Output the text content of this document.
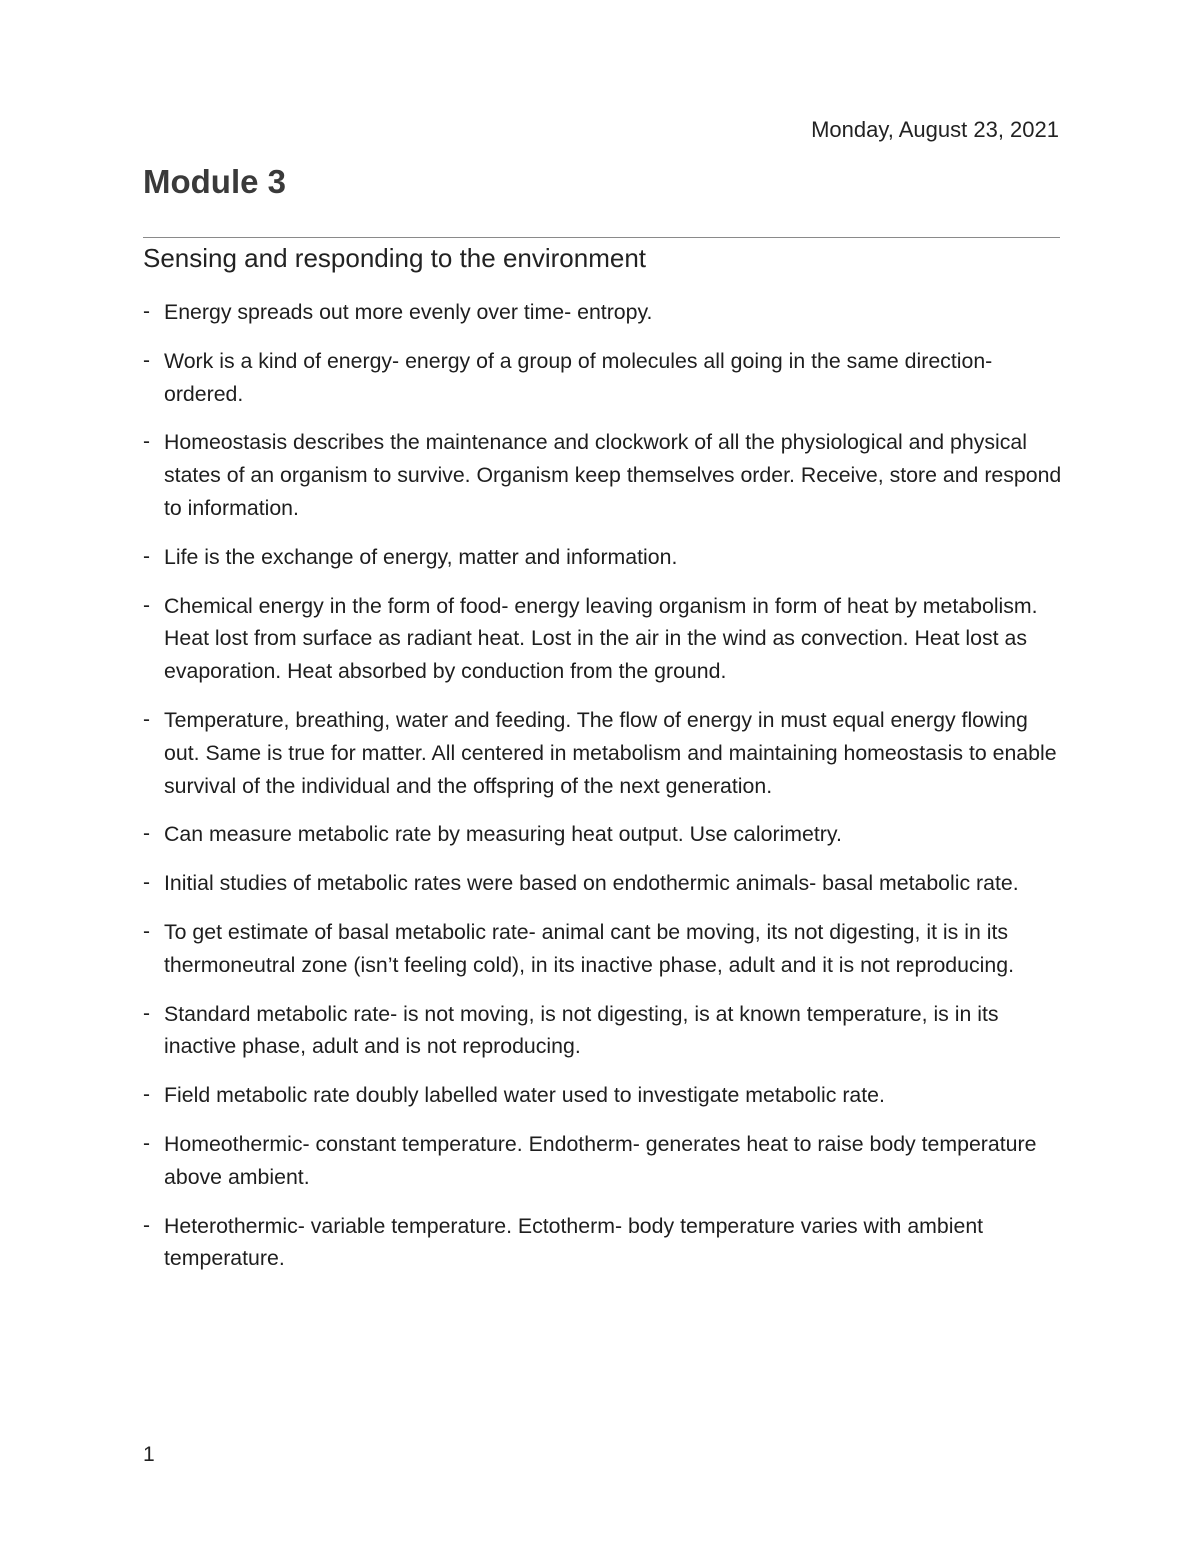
Monday, August 23, 2021
Module 3
Sensing and responding to the environment
- Energy spreads out more evenly over time- entropy.
- Work is a kind of energy- energy of a group of molecules all going in the same direction- ordered.
- Homeostasis describes the maintenance and clockwork of all the physiological and physical states of an organism to survive. Organism keep themselves order. Receive, store and respond to information.
- Life is the exchange of energy, matter and information.
- Chemical energy in the form of food- energy leaving organism in form of heat by metabolism. Heat lost from surface as radiant heat. Lost in the air in the wind as convection. Heat lost as evaporation. Heat absorbed by conduction from the ground.
- Temperature, breathing, water and feeding. The flow of energy in must equal energy flowing out. Same is true for matter. All centered in metabolism and maintaining homeostasis to enable survival of the individual and the offspring of the next generation.
- Can measure metabolic rate by measuring heat output. Use calorimetry.
- Initial studies of metabolic rates were based on endothermic animals- basal metabolic rate.
- To get estimate of basal metabolic rate- animal cant be moving, its not digesting, it is in its thermoneutral zone (isn’t feeling cold), in its inactive phase, adult and it is not reproducing.
- Standard metabolic rate- is not moving, is not digesting, is at known temperature, is in its inactive phase, adult and is not reproducing.
- Field metabolic rate doubly labelled water used to investigate metabolic rate.
- Homeothermic- constant temperature. Endotherm- generates heat to raise body temperature above ambient.
- Heterothermic- variable temperature. Ectotherm- body temperature varies with ambient temperature.
1
